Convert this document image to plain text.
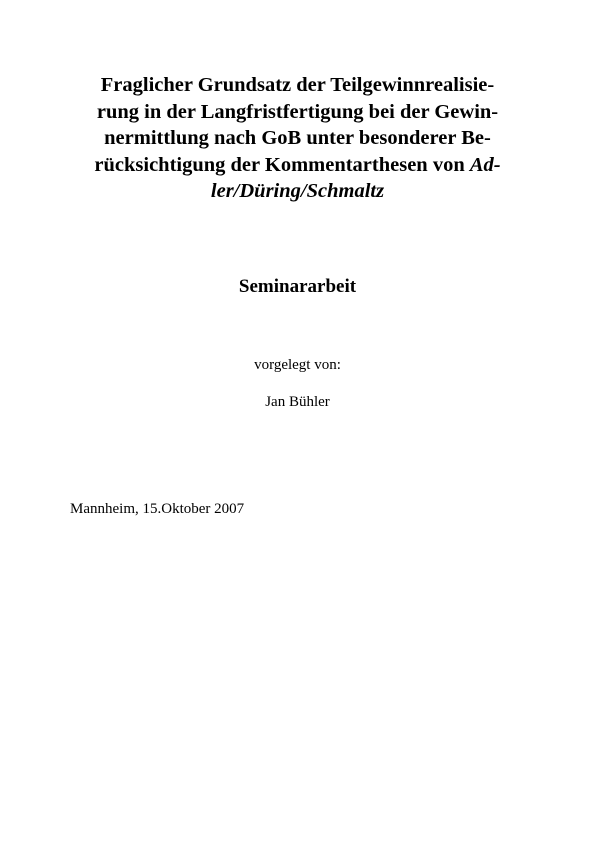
Fraglicher Grundsatz der Teilgewinnrealisie-
rung in der Langfristfertigung bei der Gewin-
nermittlung nach GoB unter besonderer Be-
rücksichtigung der Kommentarthesen von Ad-
ler/Düring/Schmaltz
Seminararbeit
vorgelegt von:
Jan Bühler
Mannheim, 15.Oktober 2007
